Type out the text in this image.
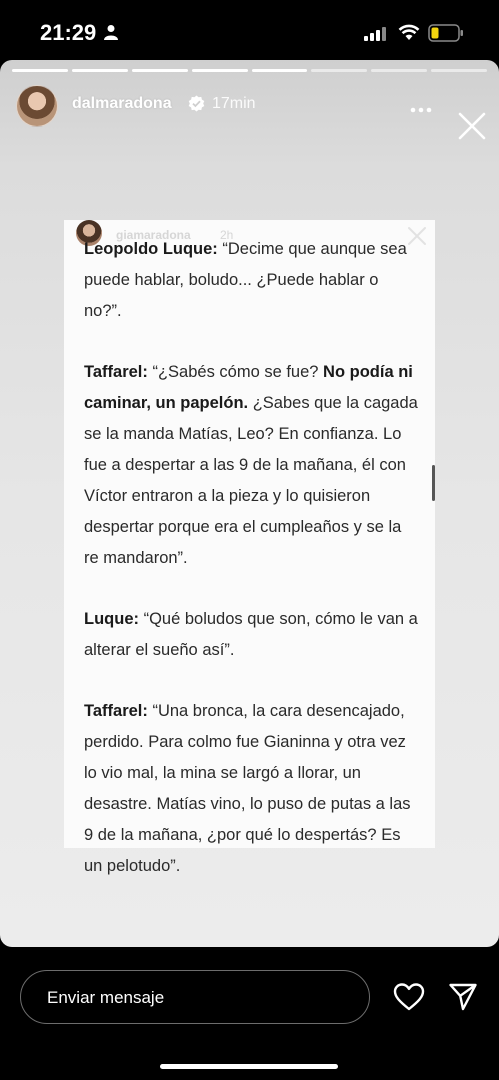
21:29
dalmaradona	17min
giamaradona 2h

Leopoldo Luque: “Decime que aunque sea puede hablar, boludo... ¿Puede hablar o no?”.

Taffarel: “¿Sabés cómo se fue? No podía ni caminar, un papelón. ¿Sabes que la cagada se la manda Matías, Leo? En confianza. Lo fue a despertar a las 9 de la mañana, él con Víctor entraron a la pieza y lo quisieron despertar porque era el cumpleaños y se la re mandaron”.

Luque: “Qué boludos que son, cómo le van a alterar el sueño así”.

Taffarel: “Una bronca, la cara desencajado, perdido. Para colmo fue Gianinna y otra vez lo vio mal, la mina se largó a llorar, un desastre. Matías vino, lo puso de putas a las 9 de la mañana, ¿por qué lo despertás? Es un pelotudo”.

Enviar mensaje
